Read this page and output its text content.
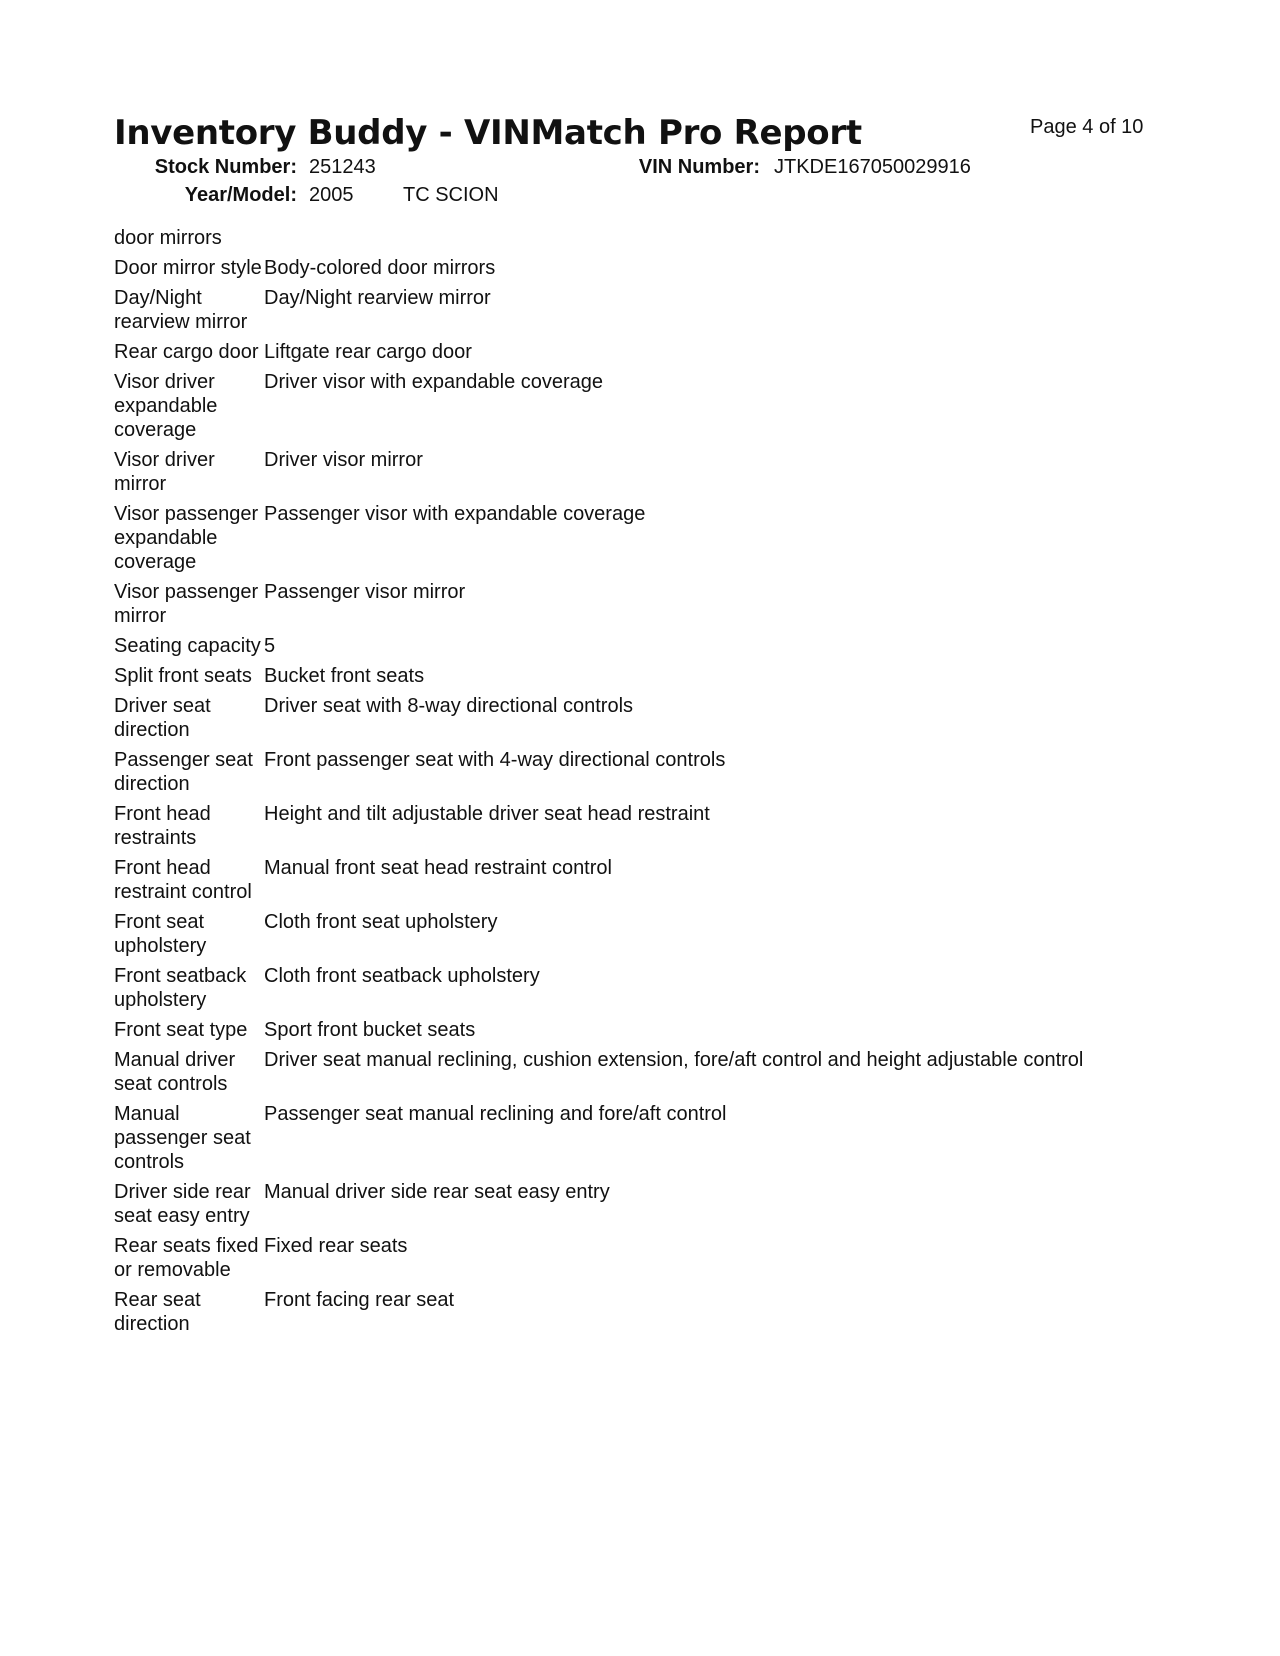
Inventory Buddy - VINMatch Pro Report	Page 4 of 10
Stock Number: 251243	VIN Number: JTKDE167050029916
Year/Model: 2005 TC SCION
door mirrors
Door mirror style Body-colored door mirrors
Day/Night rearview mirror
Day/Night rearview mirror
Rear cargo door Liftgate rear cargo door
Visor driver expandable coverage
Driver visor with expandable coverage
Visor driver mirror
Driver visor mirror
Visor passenger expandable coverage
Passenger visor with expandable coverage
Visor passenger mirror
Passenger visor mirror
Seating capacity 5
Split front seats Bucket front seats
Driver seat direction
Driver seat with 8-way directional controls
Passenger seat direction
Front passenger seat with 4-way directional controls
Front head restraints
Height and tilt adjustable driver seat head restraint
Front head restraint control
Manual front seat head restraint control
Front seat upholstery
Cloth front seat upholstery
Front seatback upholstery
Cloth front seatback upholstery
Front seat type Sport front bucket seats
Manual driver seat controls
Driver seat manual reclining, cushion extension, fore/aft control and height adjustable control
Manual passenger seat controls
Passenger seat manual reclining and fore/aft control
Driver side rear seat easy entry
Manual driver side rear seat easy entry
Rear seats fixed or removable
Fixed rear seats
Rear seat direction
Front facing rear seat
